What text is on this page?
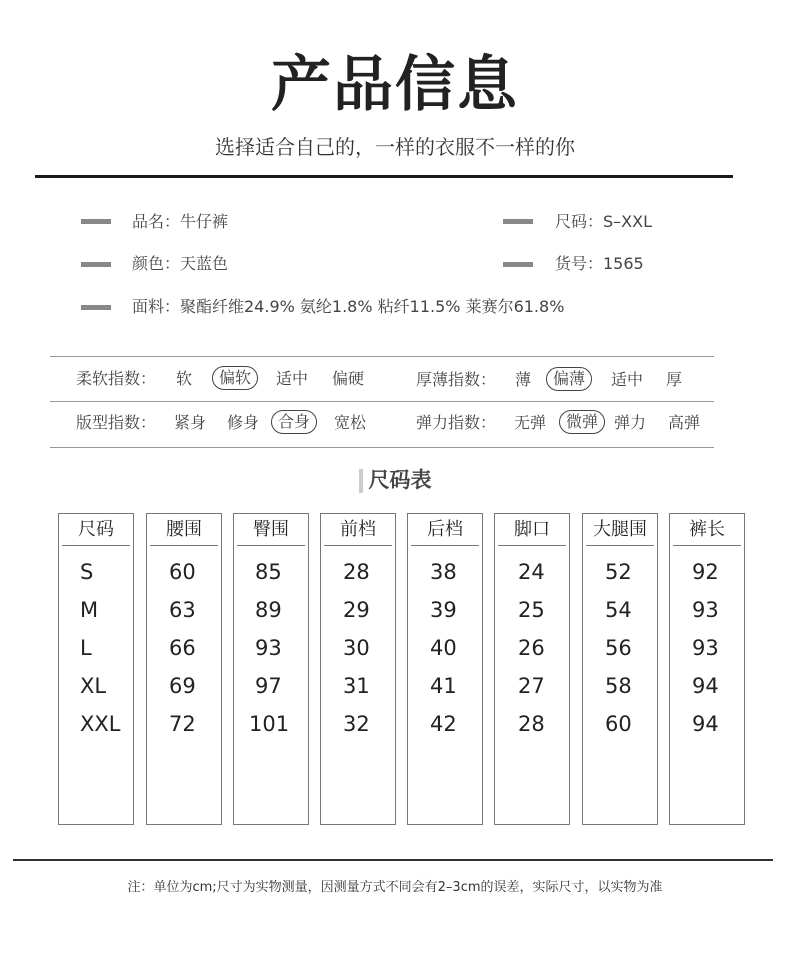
产品信息
选择适合自己的，一样的衣服不一样的你
品名：牛仔裤	尺码：S–XXL
颜色：天蓝色	货号：1565
面料：聚酯纤维24.9% 氨纶1.8% 粘纤11.5% 莱赛尔61.8%
柔软指数： 软	偏软	适中 偏硬	厚薄指数： 薄	偏薄	适中 厚
版型指数： 紧身 修身	合身	宽松	弹力指数： 无弹	微弹 弹力 高弹
尺码表
尺码	腰围	臀围	前档	后档	脚口	大腿围	裤长
S	60	85	28	38	24	52	92
M	63	89	29	39	25	54	93
L	66	93	30	40	26	56	93
XL	69	97	31	41	27	58	94
XXL 72	101	32	42	28	60	94
注：单位为cm;尺寸为实物测量，因测量方式不同会有2–3cm的误差，实际尺寸，以实物为准
